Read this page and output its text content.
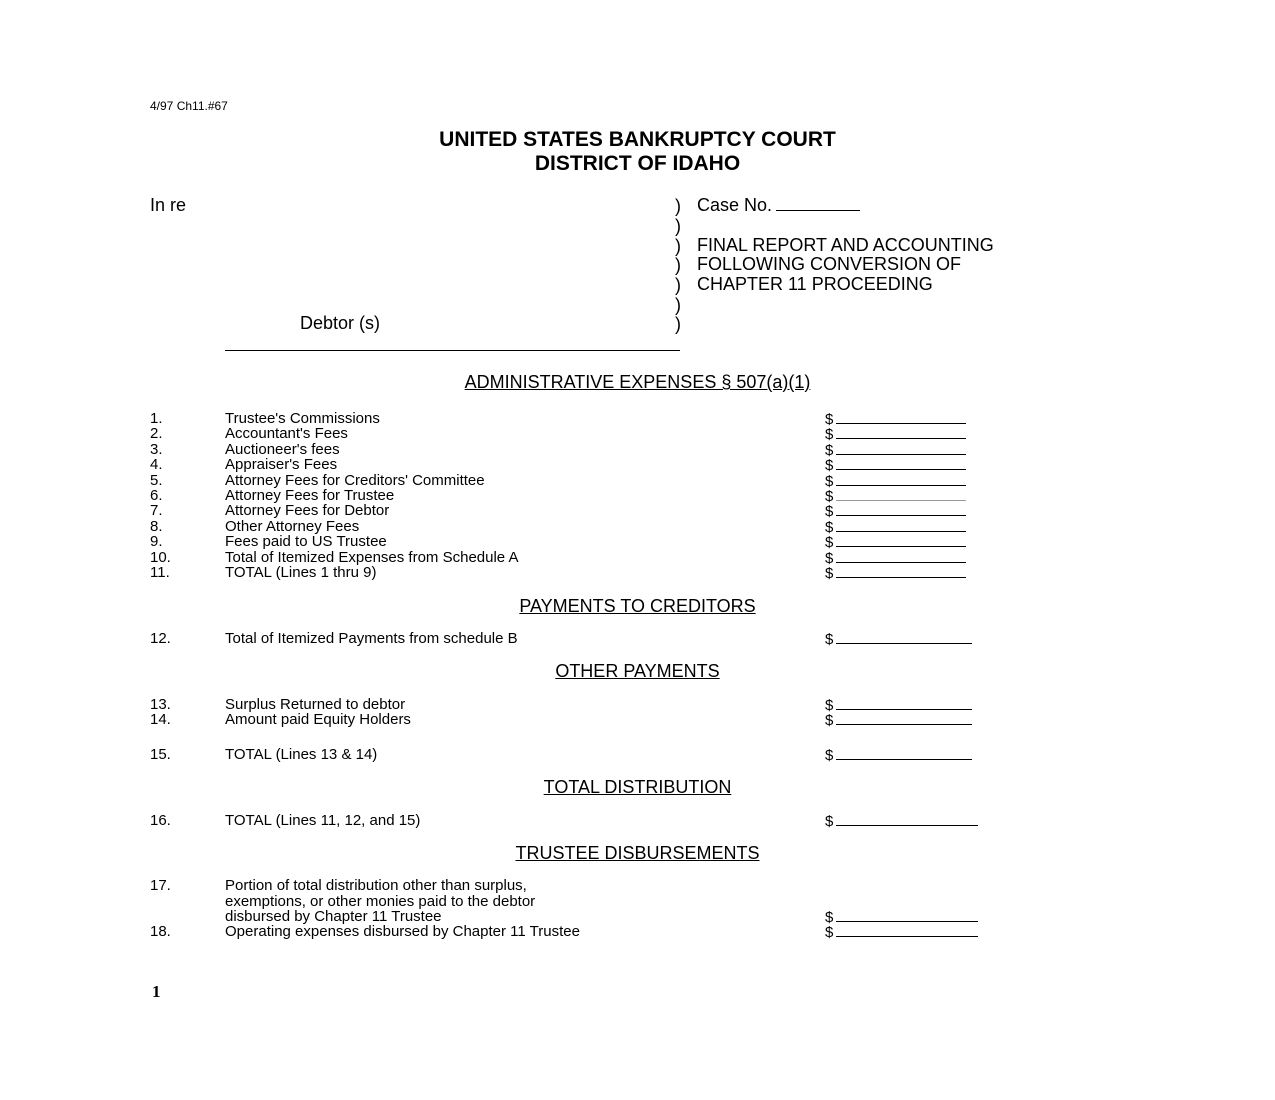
4/97 Ch11.#67
UNITED STATES BANKRUPTCY COURT
DISTRICT OF IDAHO
In re
Debtor (s)
)
)
)
)
)
)
)
Case No.
FINAL REPORT AND ACCOUNTING
FOLLOWING CONVERSION OF
CHAPTER 11 PROCEEDING
ADMINISTRATIVE EXPENSES § 507(a)(1)
1.	Trustee's Commissions	$
2.	Accountant's Fees	$
3.	Auctioneer's fees	$
4.	Appraiser's Fees	$
5.	Attorney Fees for Creditors' Committee	$
6.	Attorney Fees for Trustee	$
7.	Attorney Fees for Debtor	$
8.	Other Attorney Fees	$
9.	Fees paid to US Trustee	$
10.	Total of Itemized Expenses from Schedule A	$
11.	TOTAL (Lines 1 thru 9)	$
PAYMENTS TO CREDITORS
12.	Total of Itemized Payments from schedule B	$
OTHER PAYMENTS
13.	Surplus Returned to debtor	$
14.	Amount paid Equity Holders	$
15.	TOTAL (Lines 13 & 14)	$
TOTAL DISTRIBUTION
16.	TOTAL (Lines 11, 12, and 15)	$
TRUSTEE DISBURSEMENTS
17.	Portion of total distribution other than surplus,
exemptions, or other monies paid to the debtor
disbursed by Chapter 11 Trustee	$
18.	Operating expenses disbursed by Chapter 11 Trustee	$
1
